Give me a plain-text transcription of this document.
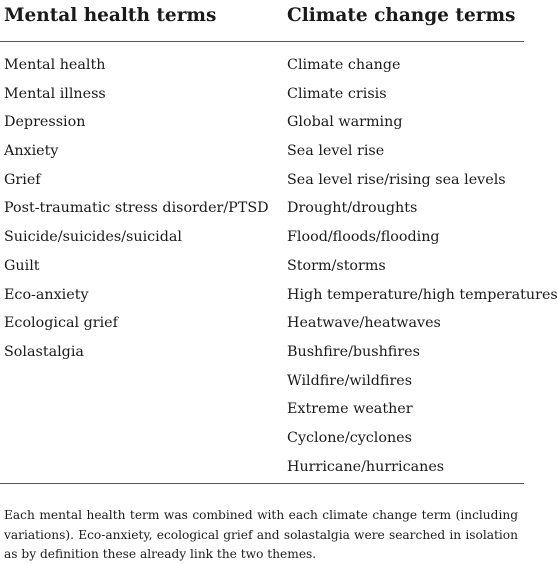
Mental health terms	Climate change terms
Mental health
Mental illness
Depression
Anxiety
Grief
Post-traumatic stress disorder/PTSD
Suicide/suicides/suicidal
Guilt
Eco-anxiety
Ecological grief
Solastalgia
Climate change
Climate crisis
Global warming
Sea level rise
Sea level rise/rising sea levels
Drought/droughts
Flood/floods/flooding
Storm/storms
High temperature/high temperatures
Heatwave/heatwaves
Bushfire/bushfires
Wildfire/wildfires
Extreme weather
Cyclone/cyclones
Hurricane/hurricanes

Each mental health term was combined with each climate change term (including variations). Eco-anxiety, ecological grief and solastalgia were searched in isolation as by definition these already link the two themes.
